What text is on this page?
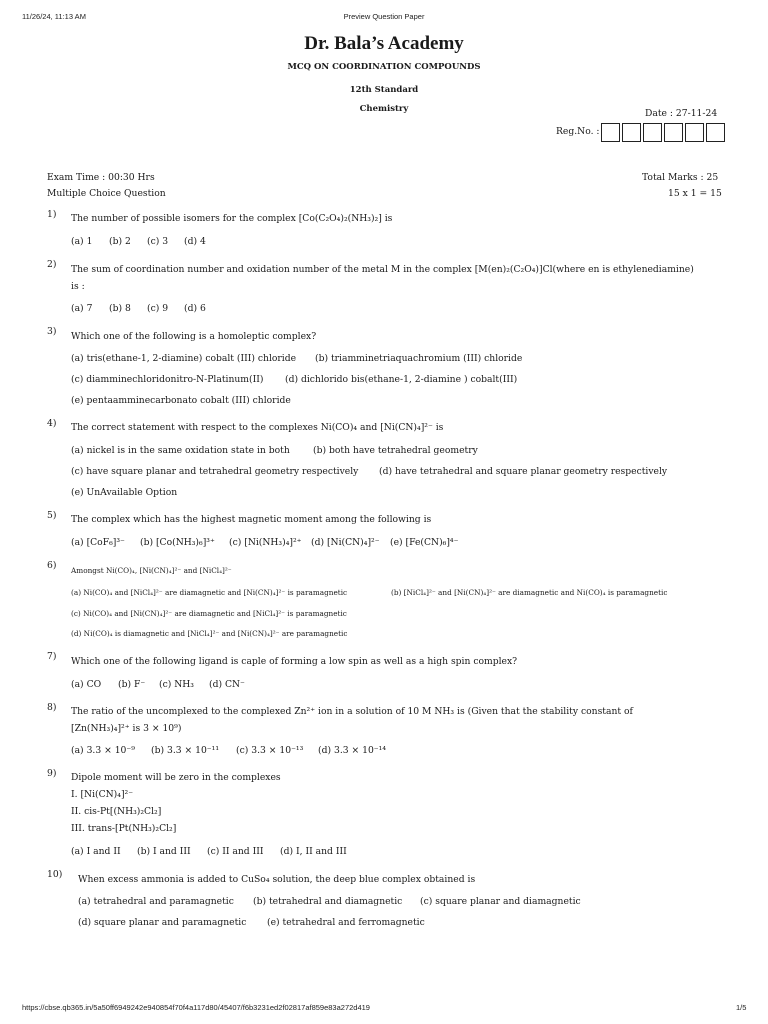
11/26/24, 11:13 AM	Preview Question Paper
https://cbse.qb365.in/5a50ff6949242e940854f70f4a117d80/45407/f6b3231ed2f02817af859e83a272d419	1/5
Dr. Bala’s Academy
MCQ ON COORDINATION COMPOUNDS
12th Standard
Chemistry	Date : 27-11-24
Reg.No. :
Exam Time : 00:30 Hrs	Total Marks : 25
Multiple Choice Question	15 x 1 = 15
1) The number of possible isomers for the complex [Co(C₂O₄)₂(NH₃)₂] is
(a) 1 (b) 2 (c) 3 (d) 4
2) The sum of coordination number and oxidation number of the metal M in the complex [M(en)₂(C₂O₄)]Cl(where en is ethylenediamine)
is :
(a) 7 (b) 8 (c) 9 (d) 6
3) Which one of the following is a homoleptic complex?
(a) tris(ethane-1, 2-diamine) cobalt (III) chloride (b) triamminetriaquachromium (III) chloride
(c) diamminechloridonitro-N-Platinum(II) (d) dichlorido bis(ethane-1, 2-diamine ) cobalt(III)
(e) pentaamminecarbonato cobalt (III) chloride
4) The correct statement with respect to the complexes Ni(CO)₄ and [Ni(CN)₄]²⁻ is
(a) nickel is in the same oxidation state in both	(b) both have tetrahedral geometry
(c) have square planar and tetrahedral geometry respectively (d) have tetrahedral and square planar geometry respectively
(e) UnAvailable Option
5) The complex which has the highest magnetic moment among the following is
(a) [CoF₆]³⁻ (b) [Co(NH₃)₆]³⁺ (c) [Ni(NH₃)₄]²⁺ (d) [Ni(CN)₄]²⁻ (e) [Fe(CN)₆]⁴⁻
6) Amongst Ni(CO)₄, [Ni(CN)₄]²⁻ and [NiCl₄]²⁻
(a) Ni(CO)₄ and [NiCl₄]²⁻ are diamagnetic and [Ni(CN)₄]²⁻ is paramagnetic	(b) [NiCl₄]²⁻ and [Ni(CN)₄]²⁻ are diamagnetic and Ni(CO)₄ is paramagnetic
(c) Ni(CO)₄ and [Ni(CN)₄]²⁻ are diamagnetic and [NiCl₄]²⁻ is paramagnetic
(d) Ni(CO)₄ is diamagnetic and [NiCl₄]²⁻ and [Ni(CN)₄]²⁻ are paramagnetic
7) Which one of the following ligand is caple of forming a low spin as well as a high spin complex?
(a) CO (b) F⁻ (c) NH₃ (d) CN⁻
8) The ratio of the uncomplexed to the complexed Zn²⁺ ion in a solution of 10 M NH₃ is (Given that the stability constant of
[Zn(NH₃)₄]²⁺ is 3 × 10⁹)
(a) 3.3 × 10⁻⁹ (b) 3.3 × 10⁻¹¹ (c) 3.3 × 10⁻¹³ (d) 3.3 × 10⁻¹⁴
9) Dipole moment will be zero in the complexes
I. [Ni(CN)₄]²⁻
II. cis-Pt[(NH₃)₂Cl₂]
III. trans-[Pt(NH₃)₂Cl₂]
(a) I and II (b) I and III (c) II and III (d) I, II and III
10) When excess ammonia is added to CuSo₄ solution, the deep blue complex obtained is
(a) tetrahedral and paramagnetic (b) tetrahedral and diamagnetic (c) square planar and diamagnetic
(d) square planar and paramagnetic (e) tetrahedral and ferromagnetic
